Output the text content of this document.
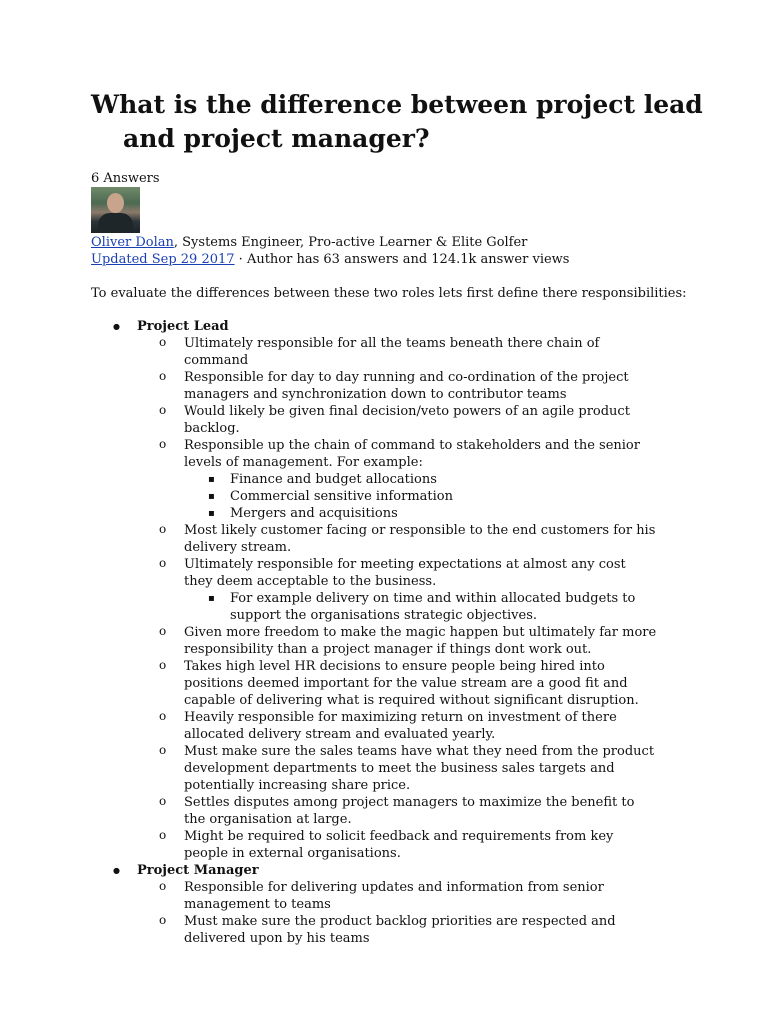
What is the difference between project lead
and project manager?
6 Answers
Oliver Dolan, Systems Engineer, Pro-active Learner & Elite Golfer
Updated Sep 29 2017 · Author has 63 answers and 124.1k answer views
To evaluate the differences between these two roles lets first define there responsibilities:
● Project Lead
o Ultimately responsible for all the teams beneath there chain of command
o Responsible for day to day running and co-ordination of the project managers and synchronization down to contributor teams
o Would likely be given final decision/veto powers of an agile product backlog.
o Responsible up the chain of command to stakeholders and the senior levels of management. For example:
▪ Finance and budget allocations
▪ Commercial sensitive information
▪ Mergers and acquisitions
o Most likely customer facing or responsible to the end customers for his delivery stream.
o Ultimately responsible for meeting expectations at almost any cost they deem acceptable to the business.
▪ For example delivery on time and within allocated budgets to support the organisations strategic objectives.
o Given more freedom to make the magic happen but ultimately far more responsibility than a project manager if things dont work out.
o Takes high level HR decisions to ensure people being hired into positions deemed important for the value stream are a good fit and capable of delivering what is required without significant disruption.
o Heavily responsible for maximizing return on investment of there allocated delivery stream and evaluated yearly.
o Must make sure the sales teams have what they need from the product development departments to meet the business sales targets and potentially increasing share price.
o Settles disputes among project managers to maximize the benefit to the organisation at large.
o Might be required to solicit feedback and requirements from key people in external organisations.
● Project Manager
o Responsible for delivering updates and information from senior management to teams
o Must make sure the product backlog priorities are respected and delivered upon by his teams
